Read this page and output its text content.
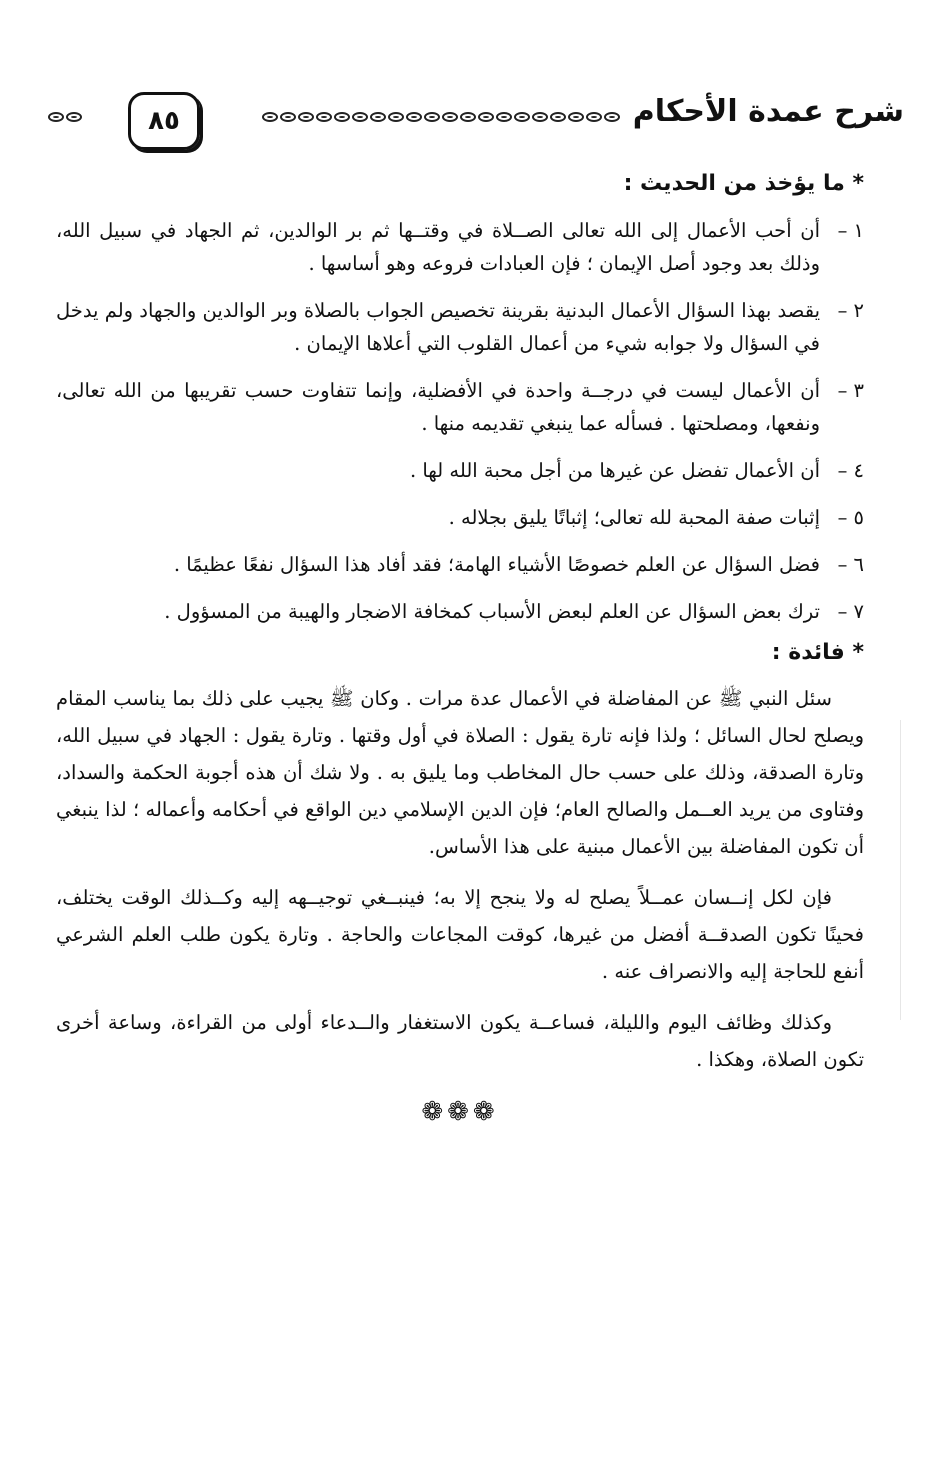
شرح عمدة الأحكام
٨٥
* ما يؤخذ من الحديث :
١ –
أن أحب الأعمال إلى الله تعالى الصــلاة في وقتــها ثم بر الوالدين، ثم الجهاد في سبيل الله، وذلك بعد وجود أصل الإيمان ؛ فإن العبادات فروعه وهو أساسها .
٢ –
يقصد بهذا السؤال الأعمال البدنية بقرينة تخصيص الجواب بالصلاة وبر الوالدين والجهاد ولم يدخل في السؤال ولا جوابه شيء من أعمال القلوب التي أعلاها الإيمان .
٣ –
أن الأعمال ليست في درجــة واحدة في الأفضلية، وإنما تتفاوت حسب تقريبها من الله تعالى، ونفعها، ومصلحتها . فسأله عما ينبغي تقديمه منها .
٤ –
أن الأعمال تفضل عن غيرها من أجل محبة الله لها .
٥ –
إثبات صفة المحبة لله تعالى؛ إثباتًا يليق بجلاله .
٦ –
فضل السؤال عن العلم خصوصًا الأشياء الهامة؛ فقد أفاد هذا السؤال نفعًا عظيمًا .
٧ –
ترك بعض السؤال عن العلم لبعض الأسباب كمخافة الاضجار والهيبة من المسؤول .
* فائدة :

سئل النبي ﷺ عن المفاضلة في الأعمال عدة مرات . وكان ﷺ يجيب على ذلك بما يناسب المقام ويصلح لحال السائل ؛ ولذا فإنه تارة يقول : الصلاة في أول وقتها . وتارة يقول : الجهاد في سبيل الله، وتارة الصدقة، وذلك على حسب حال المخاطب وما يليق به . ولا شك أن هذه أجوبة الحكمة والسداد، وفتاوى من يريد العــمل والصالح العام؛ فإن الدين الإسلامي دين الواقع في أحكامه وأعماله ؛ لذا ينبغي أن تكون المفاضلة بين الأعمال مبنية على هذا الأساس.

فإن لكل إنــسان عمــلاً يصلح له ولا ينجح إلا به؛ فينبــغي توجيــهه إليه وكــذلك الوقت يختلف، فحينًا تكون الصدقــة أفضل من غيرها، كوقت المجاعات والحاجة . وتارة يكون طلب العلم الشرعي أنفع للحاجة إليه والانصراف عنه .

وكذلك وظائف اليوم والليلة، فساعــة يكون الاستغفار والــدعاء أولى من القراءة، وساعة أخرى تكون الصلاة، وهكذا .

❁❁❁
